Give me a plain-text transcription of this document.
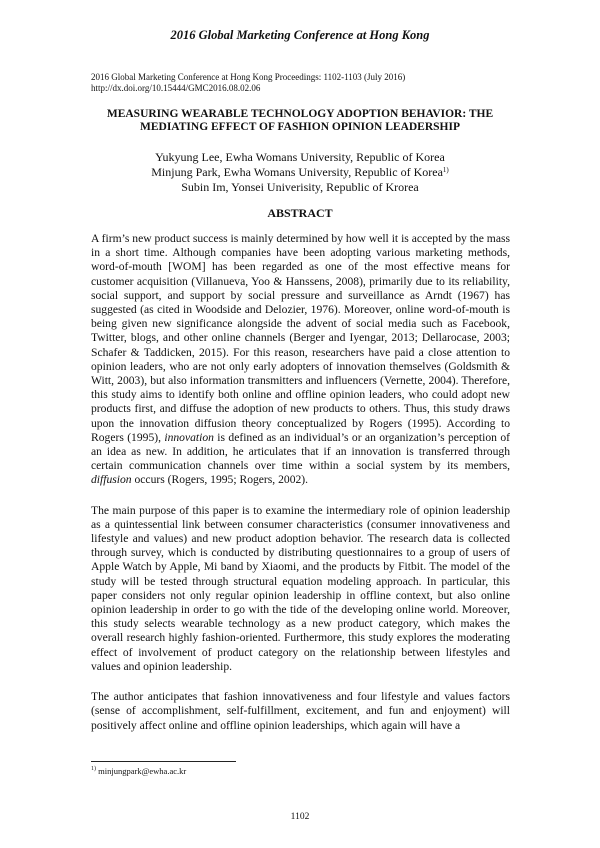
2016 Global Marketing Conference at Hong Kong
2016 Global Marketing Conference at Hong Kong Proceedings: 1102-1103 (July 2016)
http://dx.doi.org/10.15444/GMC2016.08.02.06
MEASURING WEARABLE TECHNOLOGY ADOPTION BEHAVIOR: THE
MEDIATING EFFECT OF FASHION OPINION LEADERSHIP
Yukyung Lee, Ewha Womans University, Republic of Korea
Minjung Park, Ewha Womans University, Republic of Korea$^{1)}$
Subin Im, Yonsei Univerisity, Republic of Krorea
ABSTRACT

A firm’s new product success is mainly determined by how well it is accepted by the mass in a short time. Although companies have been adopting various marketing methods, word-of-mouth [WOM] has been regarded as one of the most effective means for customer acquisition (Villanueva, Yoo & Hanssens, 2008), primarily due to its reliability, social support, and support by social pressure and surveillance as Arndt (1967) has suggested (as cited in Woodside and Delozier, 1976). Moreover, online word-of-mouth is being given new significance alongside the advent of social media such as Facebook, Twitter, blogs, and other online channels (Berger and Iyengar, 2013; Dellarocase, 2003; Schafer & Taddicken, 2015). For this reason, researchers have paid a close attention to opinion leaders, who are not only early adopters of innovation themselves (Goldsmith & Witt, 2003), but also information transmitters and influencers (Vernette, 2004). Therefore, this study aims to identify both online and offline opinion leaders, who could adopt new products first, and diffuse the adoption of new products to others. Thus, this study draws upon the innovation diffusion theory conceptualized by Rogers (1995). According to Rogers (1995), innovation is defined as an individual’s or an organization’s perception of an idea as new. In addition, he articulates that if an innovation is transferred through certain communication channels over time within a social system by its members, diffusion occurs (Rogers, 1995; Rogers, 2002).

The main purpose of this paper is to examine the intermediary role of opinion leadership as a quintessential link between consumer characteristics (consumer innovativeness and lifestyle and values) and new product adoption behavior. The research data is collected through survey, which is conducted by distributing questionnaires to a group of users of Apple Watch by Apple, Mi band by Xiaomi, and the products by Fitbit. The model of the study will be tested through structural equation modeling approach. In particular, this paper considers not only regular opinion leadership in offline context, but also online opinion leadership in order to go with the tide of the developing online world. Moreover, this study selects wearable technology as a new product category, which makes the overall research highly fashion-oriented. Furthermore, this study explores the moderating effect of involvement of product category on the relationship between lifestyles and values and opinion leadership.

The author anticipates that fashion innovativeness and four lifestyle and values factors (sense of accomplishment, self-fulfillment, excitement, and fun and enjoyment) will positively affect online and offline opinion leaderships, which again will have a

$^{1)}$ minjungpark@ewha.ac.kr
1102
